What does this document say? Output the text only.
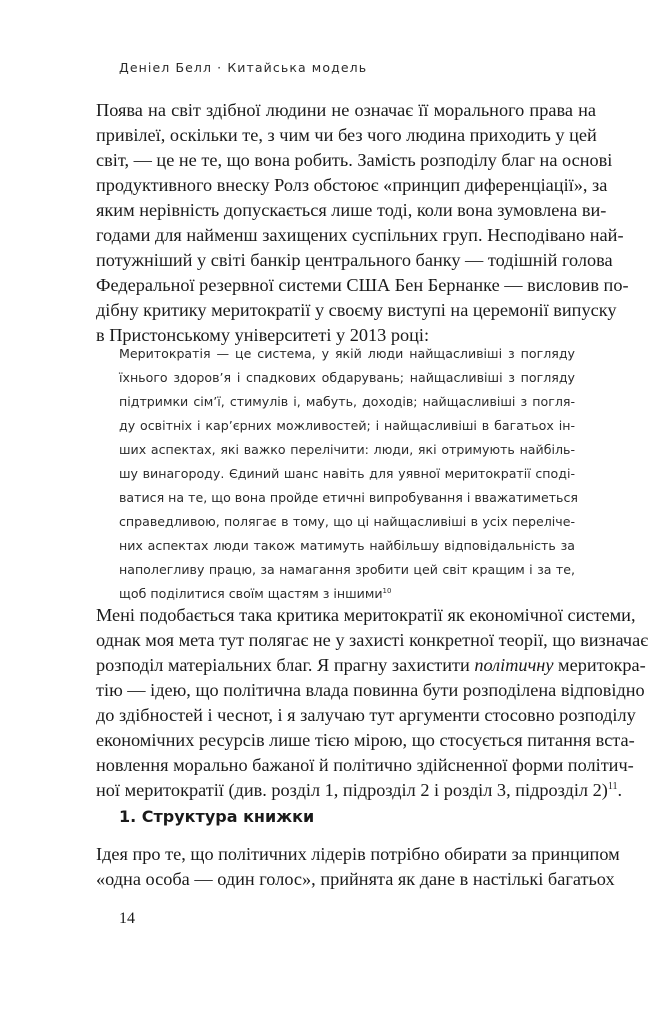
Деніел Белл · Китайська модель
Поява на світ здібної людини не означає її морального права на
привілеї, оскільки те, з чим чи без чого людина приходить у цей
світ, — це не те, що вона робить. Замість розподілу благ на основі
продуктивного внеску Ролз обстоює «принцип диференціації», за
яким нерівність допускається лише тоді, коли вона зумовлена ви-
годами для найменш захищених суспільних груп. Несподівано най-
потужніший у світі банкір центрального банку — тодішній голова
Федеральної резервної системи США Бен Бернанке — висловив по-
дібну критику меритократії у своєму виступі на церемонії випуску
в Пристонському університеті у 2013 році:
Меритократія — це система, у якій люди найщасливіші з погляду
їхнього здоров’я і спадкових обдарувань; найщасливіші з погляду
підтримки сім’ї, стимулів і, мабуть, доходів; найщасливіші з погля-
ду освітніх і кар’єрних можливостей; і найщасливіші в багатьох ін-
ших аспектах, які важко перелічити: люди, які отримують найбіль-
шу винагороду. Єдиний шанс навіть для уявної меритократії споді-
ватися на те, що вона пройде етичні випробування і вважатиметься
справедливою, полягає в тому, що ці найщасливіші в усіх переліче-
них аспектах люди також матимуть найбільшу відповідальність за
наполегливу працю, за намагання зробити цей світ кращим і за те,
щоб поділитися своїм щастям з іншими$^{10}$
Мені подобається така критика меритократії як економічної системи,
однак моя мета тут полягає не у захисті конкретної теорії, що визначає
розподіл матеріальних благ. Я прагну захистити політичну меритокра-
тію — ідею, що політична влада повинна бути розподілена відповідно
до здібностей і чеснот, і я залучаю тут аргументи стосовно розподілу
економічних ресурсів лише тією мірою, що стосується питання вста-
новлення морально бажаної й політично здійсненної форми політич-
ної меритократії (див. розділ 1, підрозділ 2 і розділ 3, підрозділ 2)$^{11}$.
1. Структура книжки
Ідея про те, що політичних лідерів потрібно обирати за принципом
«одна особа — один голос», прийнята як дане в настількі багатьох
14
